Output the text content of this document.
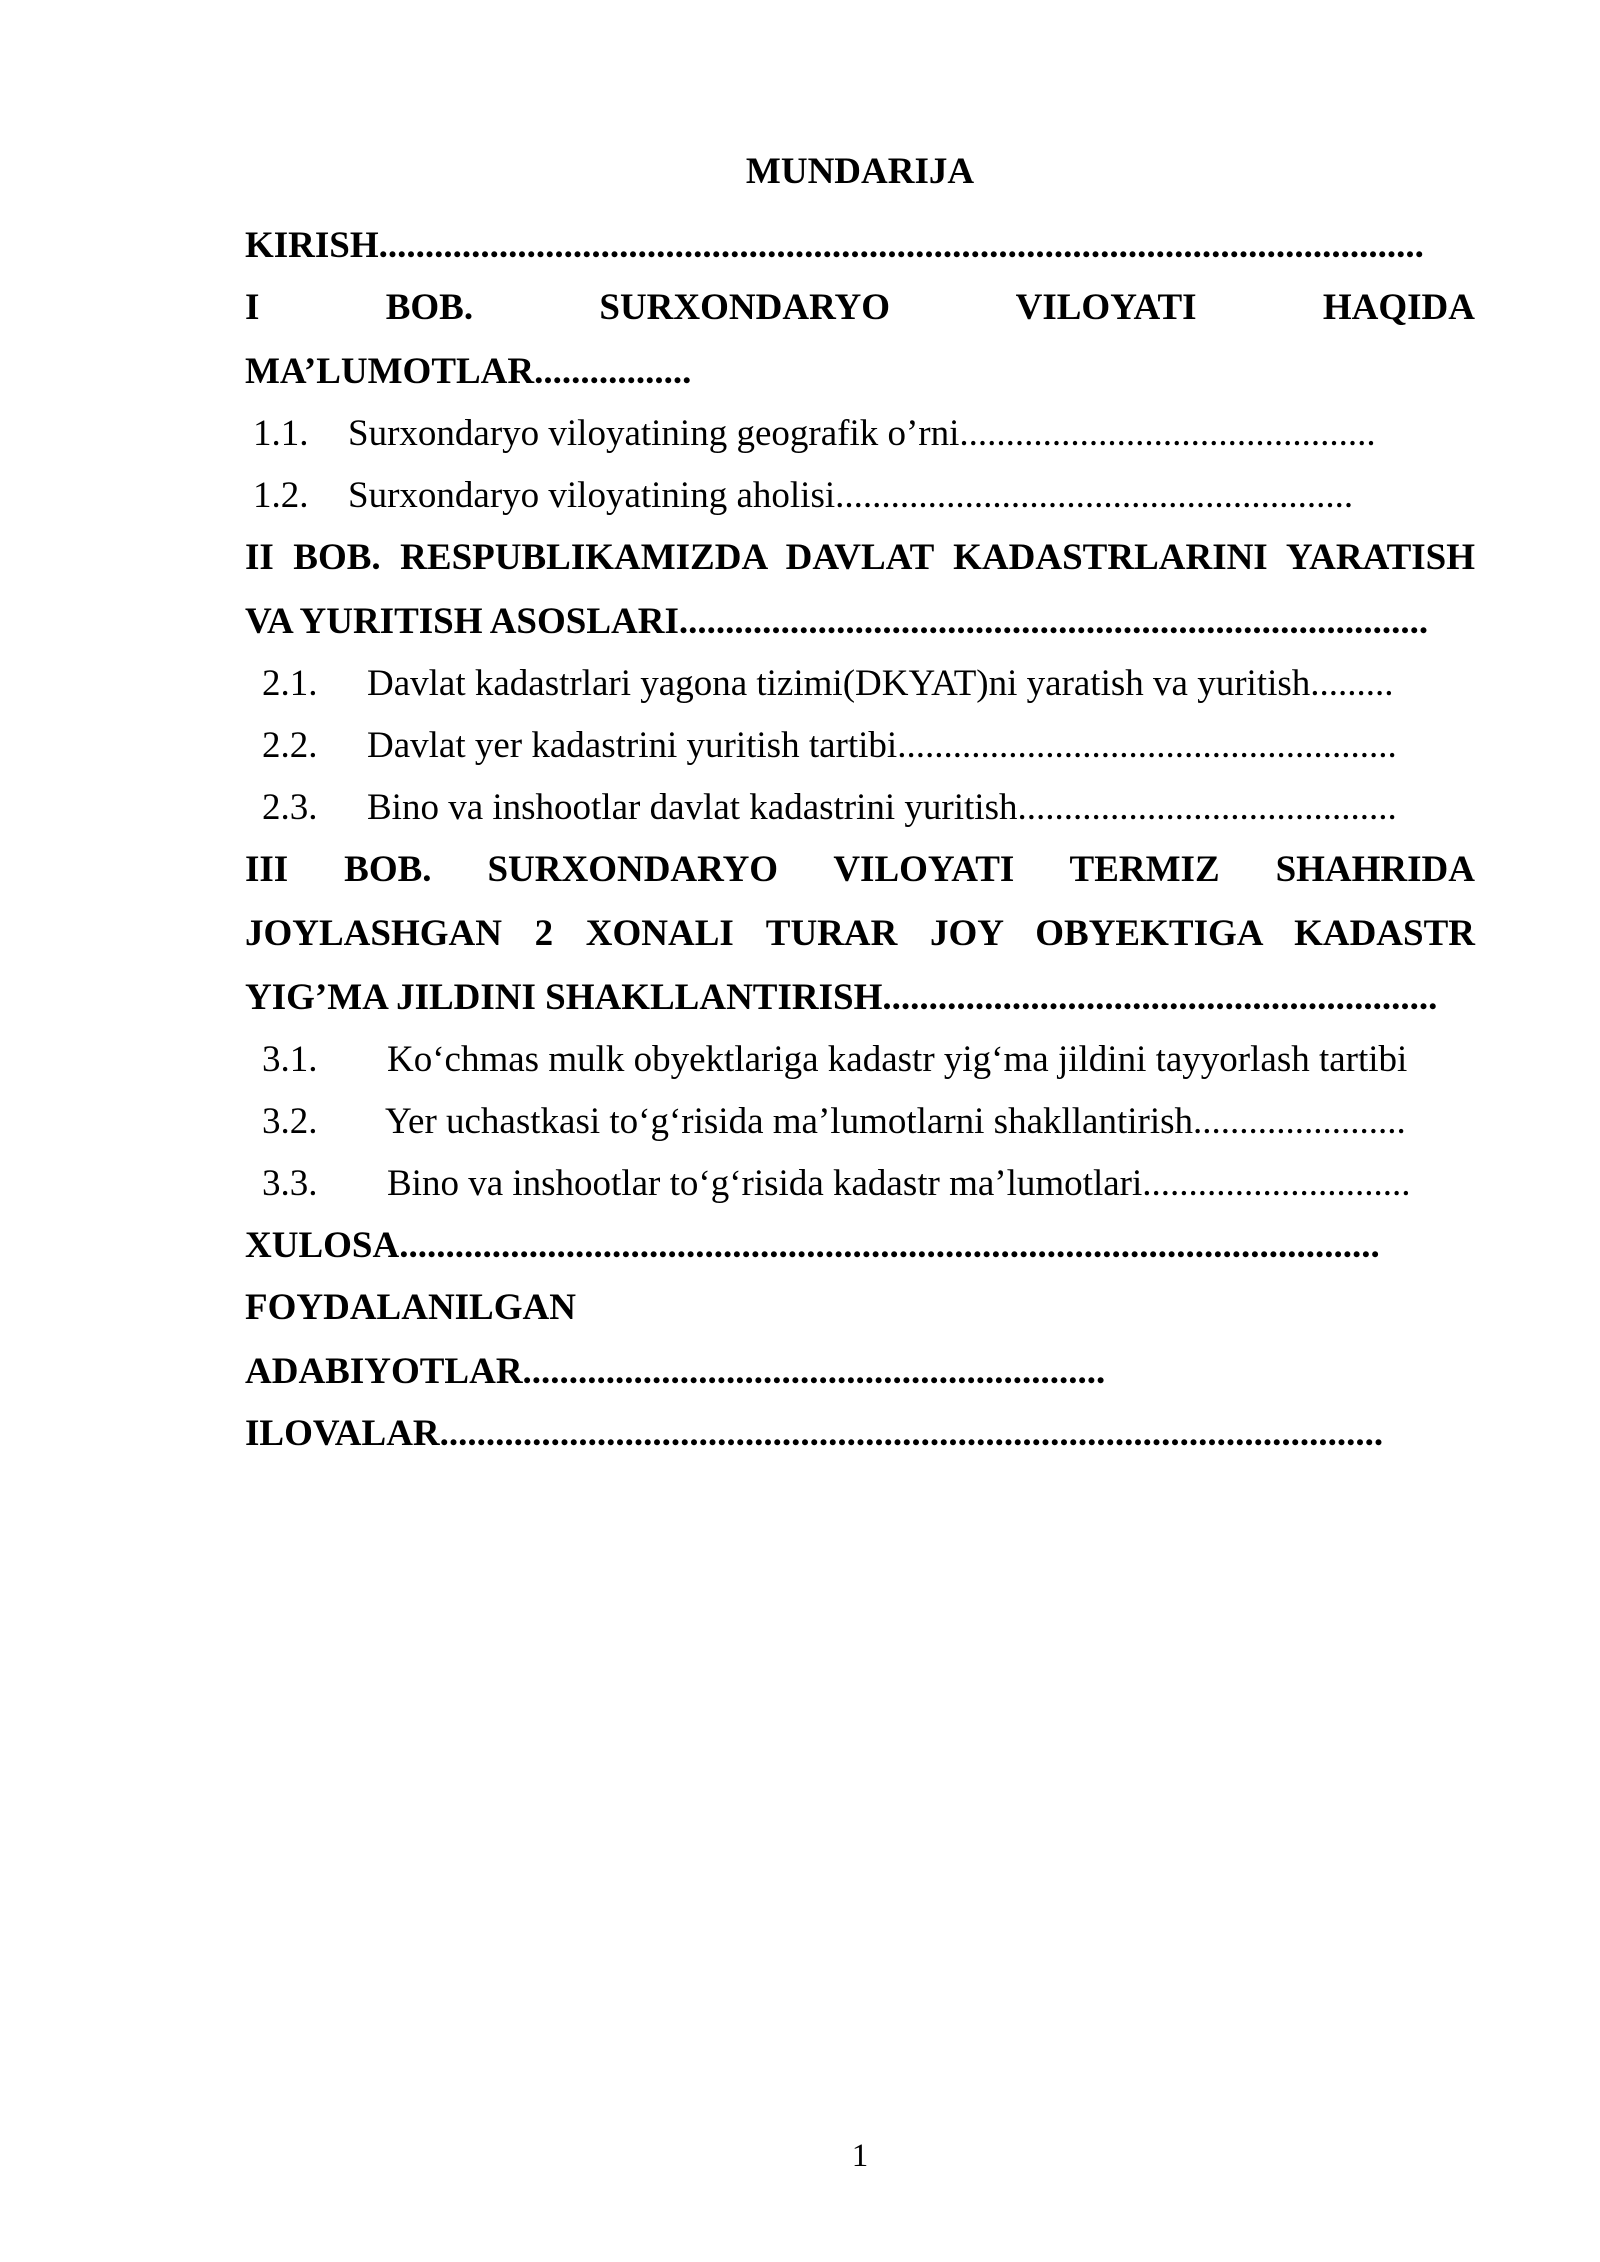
MUNDARIJA
KIRISH.................................................................................................................
I BOB. SURXONDARYO VILOYATI HAQIDA
MA’LUMOTLAR.................
1.1. Surxondaryo viloyatining geografik o’rni.............................................
1.2. Surxondaryo viloyatining aholisi........................................................
II BOB. RESPUBLIKAMIZDA DAVLAT KADASTRLARINI YARATISH
VA YURITISH ASOSLARI.................................................................................
2.1. Davlat kadastrlari yagona tizimi(DKYAT)ni yaratish va yuritish.........
2.2. Davlat yer kadastrini yuritish tartibi......................................................
2.3. Bino va inshootlar davlat kadastrini yuritish.........................................
III BOB. SURXONDARYO VILOYATI TERMIZ SHAHRIDA
JOYLASHGAN 2 XONALI TURAR JOY OBYEKTIGA KADASTR
YIG’MA JILDINI SHAKLLANTIRISH............................................................
3.1. Ko‘chmas mulk obyektlariga kadastr yig‘ma jildini tayyorlash tartibi
3.2. Yer uchastkasi to‘g‘risida ma’lumotlarni shakllantirish.......................
3.3. Bino va inshootlar to‘g‘risida kadastr ma’lumotlari.............................
XULOSA..........................................................................................................
FOYDALANILGAN
ADABIYOTLAR...............................................................
ILOVALAR......................................................................................................
1
